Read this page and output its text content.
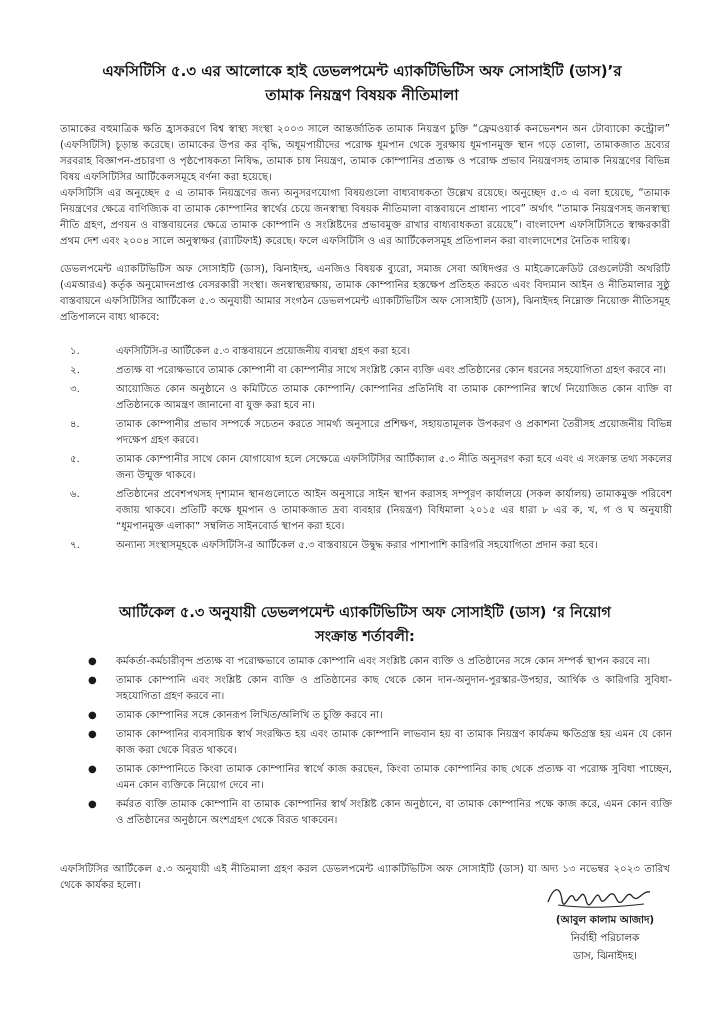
এফসিটিসি ৫.৩ এর আলোকে হাই ডেভলপমেন্ট এ্যাকটিভিটিস অফ সোসাইটি (ডাস)’র
তামাক নিয়ন্ত্রণ বিষয়ক নীতিমালা
তামাকের বহুমাত্রিক ক্ষতি হ্রাসকরণে বিশ্ব স্বাস্থ্য সংস্থা ২০০৩ সালে আন্তর্জাতিক তামাক নিয়ন্ত্রণ চুক্তি “ফ্রেমওয়ার্ক কনভেনশন অন টোব্যাকো কন্ট্রোল” (এফসিটিসি) চূড়ান্ত করেছে। তামাকের উপর কর বৃদ্ধি, অধূমপায়ীদের পরোক্ষ ধূমপান থেকে সুরক্ষায় ধূমপানমুক্ত স্থান গড়ে তোলা, তামাকজাত দ্রব্যের সরবরাহ বিজ্ঞাপন-প্রচারণা ও পৃষ্ঠপোষকতা নিষিদ্ধ, তামাক চাষ নিয়ন্ত্রণ, তামাক কোম্পানির প্রত্যক্ষ ও পরোক্ষ প্রভাব নিয়ন্ত্রণসহ তামাক নিয়ন্ত্রণের বিভিন্ন বিষয় এফসিটিসির আর্টিকেলসমূহে বর্ণনা করা হয়েছে।
এফসিটিসি এর অনুচ্ছেদ ৫ এ তামাক নিয়ন্ত্রণের জন্য অনুসরণযোগ্য বিষয়গুলো বাধ্যবাধকতা উল্লেখ রয়েছে। অনুচ্ছেদ ৫.৩ এ বলা হয়েছে, “তামাক নিয়ন্ত্রণের ক্ষেত্রে বাণিজ্যিক বা তামাক কোম্পানির স্বার্থের চেয়ে জনস্বাস্থ্য বিষয়ক নীতিমালা বাস্তবায়নে প্রাধান্য পাবে” অর্থাৎ “তামাক নিয়ন্ত্রণসহ জনস্বাস্থ্য নীতি গ্রহণ, প্রণয়ন ও বাস্তবায়নের ক্ষেত্রে তামাক কোম্পানি ও সংশ্লিষ্টদের প্রভাবমুক্ত রাখার বাধ্যবাধকতা রয়েছে”। বাংলাদেশ এফসিটিসিতে স্বাক্ষরকারী প্রথম দেশ এবং ২০০৪ সালে অনুস্বাক্ষর (র‌্যাটিফাই) করেছে। ফলে এফসিটিসি ও এর আর্টিকেলসমূহ প্রতিপালন করা বাংলাদেশের নৈতিক দায়িত্ব।
ডেভলপমেন্ট এ্যাকটিভিটিস অফ সোসাইটি (ডাস), ঝিনাইদহ, এনজিও বিষয়ক ব্যুরো, সমাজ সেবা অধিদপ্তর ও মাইক্রোক্রেডিট রেগুলেটরী অথরিটি (এমআরএ) কর্তৃক অনুমোদনপ্রাপ্ত বেসরকারী সংস্থা। জনস্বাস্থ্যরক্ষায়, তামাক কোম্পানির হস্তক্ষেপ প্রতিহত করতে এবং বিদ্যমান আইন ও নীতিমালার সুষ্ঠু বাস্তবায়নে এফসিটিসির আর্টিকেল ৫.৩ অনুযায়ী আমার সংগঠন ডেভলপমেন্ট এ্যাকটিভিটিস অফ সোসাইটি (ডাস), ঝিনাইদহ নিম্নোক্ত নিয়োক্ত নীতিসমূহ প্রতিপালনে বাধ্য থাকবে:
১.	এফসিটিসি-র আর্টিকেল ৫.৩ বাস্তবায়নে প্রয়োজনীয় ব্যবস্থা গ্রহণ করা হবে।
২.	প্রত্যক্ষ বা পরোক্ষভাবে তামাক কোম্পানী বা কোম্পানীর সাথে সংশ্লিষ্ট কোন ব্যক্তি এবং প্রতিষ্ঠানের কোন ধরনের সহযোগিতা গ্রহণ করবে না।
৩.	আয়োজিত কোন অনুষ্ঠানে ও কমিটিতে তামাক কোম্পানি/ কোম্পানির প্রতিনিধি বা তামাক কোম্পানির স্বার্থে নিয়োজিত কোন ব্যক্তি বা প্রতিষ্ঠানকে আমন্ত্রণ জানানো বা যুক্ত করা হবে না।
৪.	তামাক কোম্পানীর প্রভাব সম্পর্কে সচেতন করতে সামর্থ্য অনুসারে প্রশিক্ষণ, সহায়তামূলক উপকরণ ও প্রকাশনা তৈরীসহ প্রয়োজনীয় বিভিন্ন পদক্ষেপ গ্রহণ করবে।
৫.	তামাক কোম্পানীর সাথে কোন যোগাযোগ হলে সেক্ষেত্রে এফসিটিসির আর্টিক্যাল ৫.৩ নীতি অনুসরণ করা হবে এবং এ সংক্রান্ত তথ্য সকলের জন্য উন্মুক্ত থাকবে।
৬.	প্রতিষ্ঠানের প্রবেশপথসহ দৃশ্যমান স্থানগুলোতে আইন অনুসারে সাইন স্থাপন করাসহ সম্পূরণ কার্যালয়ে (সকল কার্যালয়) তামাকমুক্ত পরিবেশ বজায় থাকবে। প্রতিটি কক্ষে ধূমপান ও তামাকজাত দ্রব্য ব্যবহার (নিয়ন্ত্রণ) বিধিমালা ২০১৫ এর ধারা ৮ এর ক, খ, গ ও ঘ অনুযায়ী “ধূমপানমুক্ত এলাকা” সম্বলিত সাইনবোর্ড স্থাপন করা হবে।
৭.	অন্যান্য সংস্থাসমূহকে এফসিটিসি-র আর্টিকেল ৫.৩ বাস্তবায়নে উদ্বুদ্ধ করার পাশাপাশি কারিগরি সহযোগিতা প্রদান করা হবে।
আর্টিকেল ৫.৩ অনুযায়ী ডেভলপমেন্ট এ্যাকটিভিটিস অফ সোসাইটি (ডাস) ‘র নিয়োগ
সংক্রান্ত শর্তাবলী:
● কর্মকর্তা-কর্মচারীবৃন্দ প্রত্যক্ষ বা পরোক্ষভাবে তামাক কোম্পানি এবং সংশ্লিষ্ট কোন ব্যক্তি ও প্রতিষ্ঠানের সঙ্গে কোন সম্পর্ক স্থাপন করবে না।
● তামাক কোম্পানি এবং সংশ্লিষ্ট কোন ব্যক্তি ও প্রতিষ্ঠানের কাছ থেকে কোন দান-অনুদান-পুরস্কার-উপহার, আর্থিক ও কারিগরি সুবিধা-সহযোগিতা গ্রহণ করবে না।
● তামাক কোম্পানির সঙ্গে কোনরূপ লিখিত/অলিখি ত চুক্তি করবে না।
● তামাক কোম্পানির ব্যবসায়িক স্বার্থ সংরক্ষিত হয় এবং তামাক কোম্পানি লাভবান হয় বা তামাক নিয়ন্ত্রণ কার্যক্রম ক্ষতিগ্রস্ত হয় এমন যে কোন কাজ করা থেকে বিরত থাকবে।
● তামাক কোম্পানিতে কিংবা তামাক কোম্পানির স্বার্থে কাজ করছেন, কিংবা তামাক কোম্পানির কাছ থেকে প্রত্যক্ষ বা পরোক্ষ সুবিধা পাচ্ছেন, এমন কোন ব্যক্তিকে নিয়োগ দেবে না।
● কর্মরত ব্যক্তি তামাক কোম্পানি বা তামাক কোম্পানির স্বার্থ সংশ্লিষ্ট কোন অনুষ্ঠানে, বা তামাক কোম্পানির পক্ষে কাজ করে, এমন কোন ব্যক্তি ও প্রতিষ্ঠানের অনুষ্ঠানে অংশগ্রহণ থেকে বিরত থাকবেন।
এফসিটিসির আর্টিকেল ৫.৩ অনুযায়ী এই নীতিমালা গ্রহণ করল ডেভলপমেন্ট এ্যাকটিভিটিস অফ সোসাইটি (ডাস) যা অদ্য ১৩ নভেম্বর ২০২৩ তারিখ থেকে কার্যকর হলো।
(আবুল কালাম আজাদ)
নির্বাহী পরিচালক
ডাস, ঝিনাইদহ।
